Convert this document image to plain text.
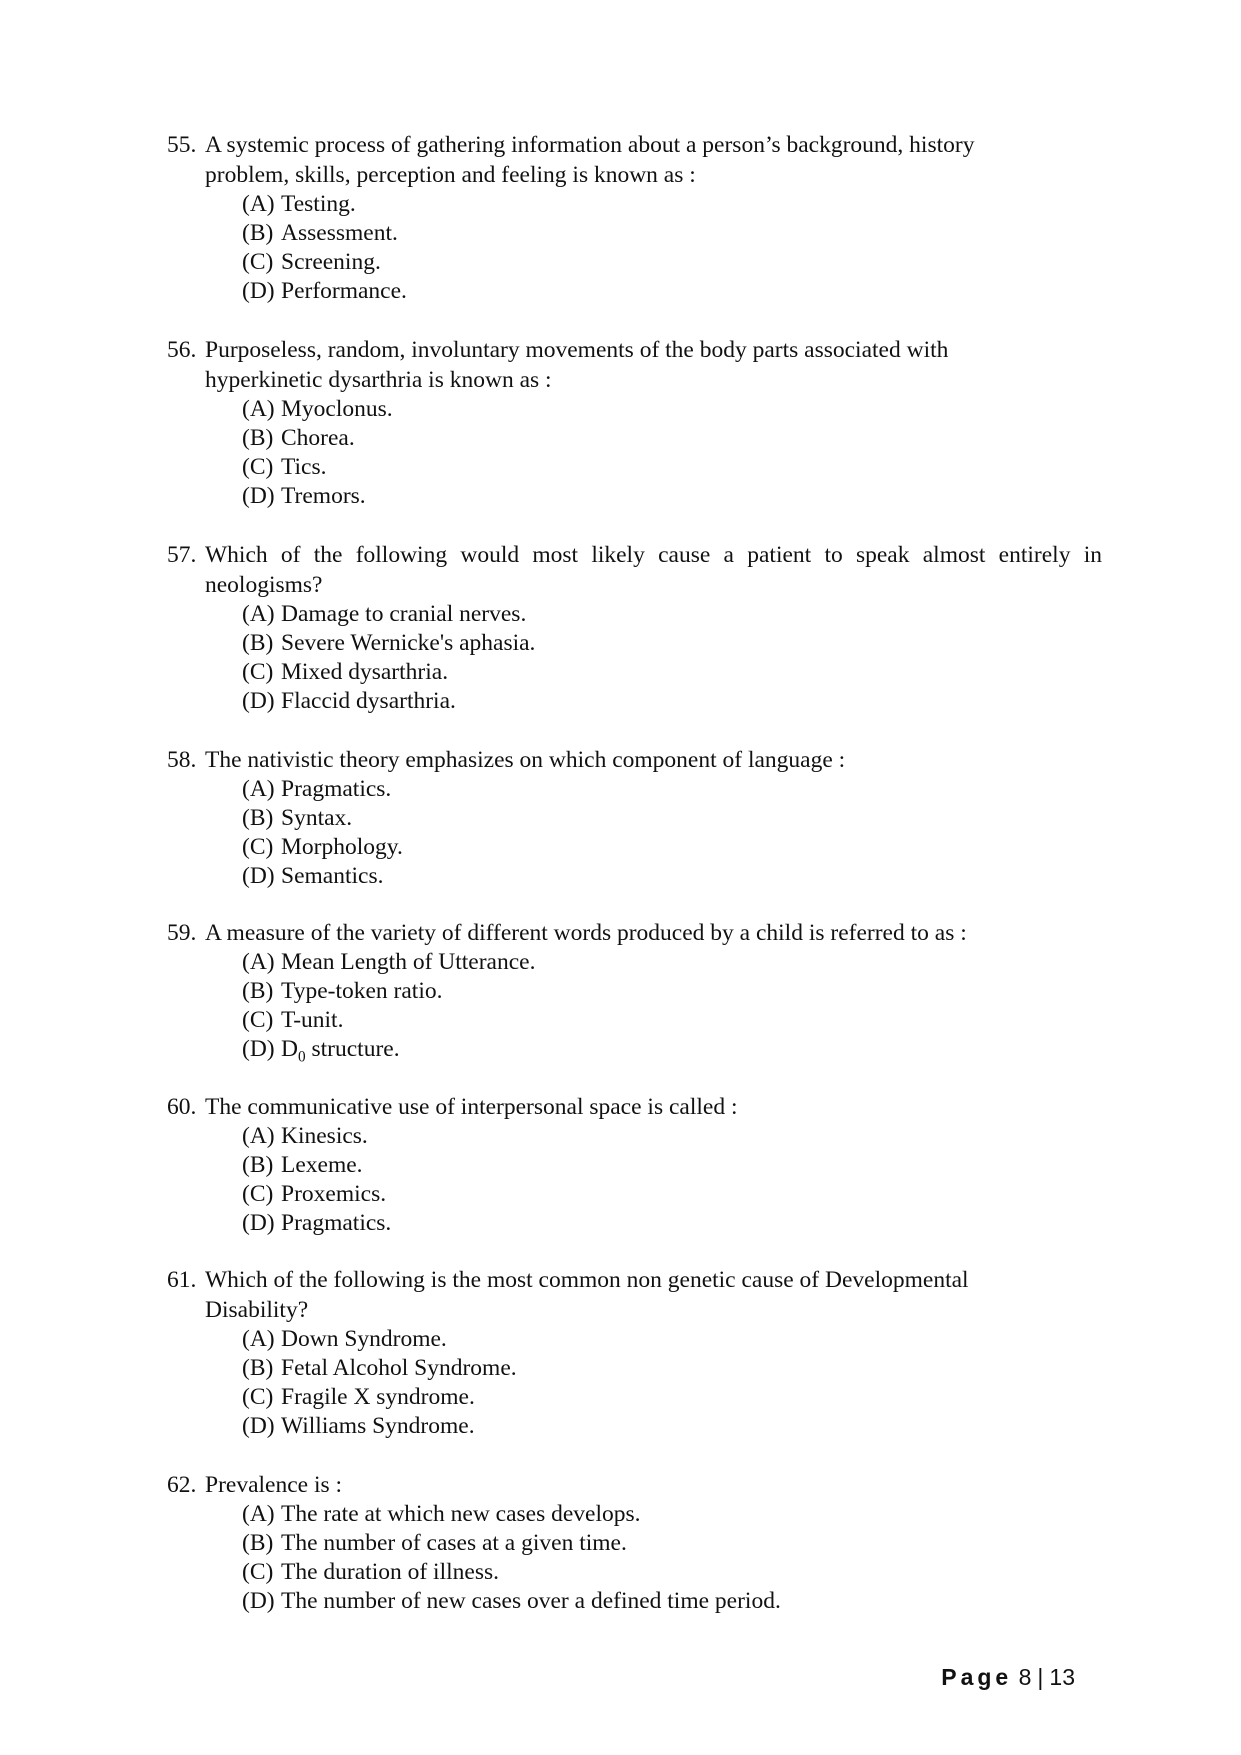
55. A systemic process of gathering information about a person’s background, history problem, skills, perception and feeling is known as :
(A) Testing.
(B) Assessment.
(C) Screening.
(D) Performance.
56. Purposeless, random, involuntary movements of the body parts associated with hyperkinetic dysarthria is known as :
(A) Myoclonus.
(B) Chorea.
(C) Tics.
(D) Tremors.
57. Which of the following would most likely cause a patient to speak almost entirely in neologisms?
(A) Damage to cranial nerves.
(B) Severe Wernicke's aphasia.
(C) Mixed dysarthria.
(D) Flaccid dysarthria.
58. The nativistic theory emphasizes on which component of language :
(A) Pragmatics.
(B) Syntax.
(C) Morphology.
(D) Semantics.
59. A measure of the variety of different words produced by a child is referred to as :
(A) Mean Length of Utterance.
(B) Type-token ratio.
(C) T-unit.
(D) $D_0$ structure.
60. The communicative use of interpersonal space is called :
(A) Kinesics.
(B) Lexeme.
(C) Proxemics.
(D) Pragmatics.
61. Which of the following is the most common non genetic cause of Developmental Disability?
(A) Down Syndrome.
(B) Fetal Alcohol Syndrome.
(C) Fragile X syndrome.
(D) Williams Syndrome.
62. Prevalence is :
(A) The rate at which new cases develops.
(B) The number of cases at a given time.
(C) The duration of illness.
(D) The number of new cases over a defined time period.
Page 8 | 13
